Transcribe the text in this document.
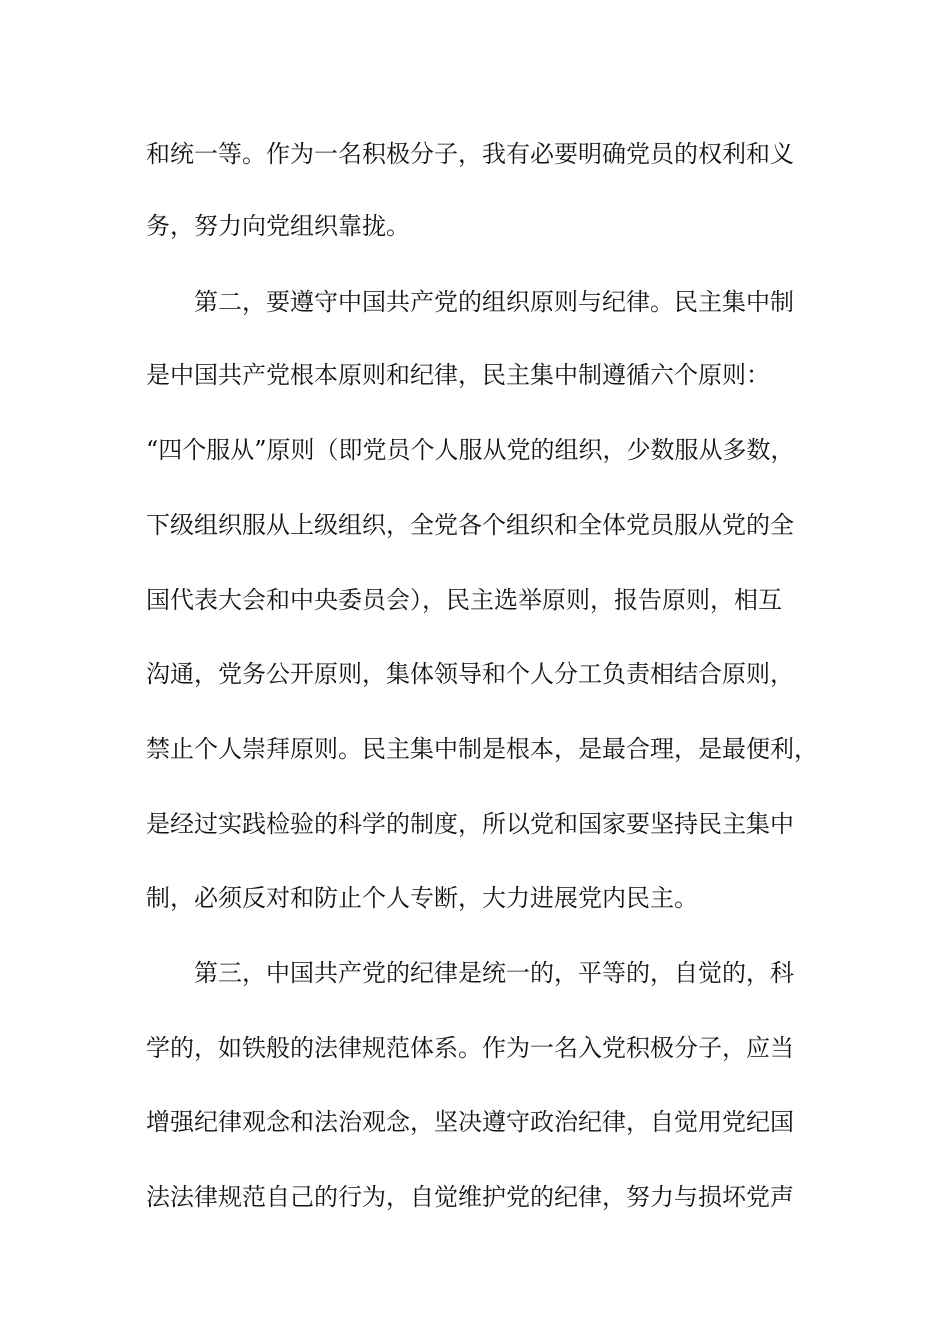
和统一等。作为一名积极分子，我有必要明确党员的权利和义

务，努力向党组织靠拢。

第二，要遵守中国共产党的组织原则与纪律。民主集中制

是中国共产党根本原则和纪律，民主集中制遵循六个原则：

“四个服从”原则（即党员个人服从党的组织，少数服从多数，

下级组织服从上级组织，全党各个组织和全体党员服从党的全

国代表大会和中央委员会），民主选举原则，报告原则，相互

沟通，党务公开原则，集体领导和个人分工负责相结合原则，

禁止个人崇拜原则。民主集中制是根本，是最合理，是最便利，

是经过实践检验的科学的制度，所以党和国家要坚持民主集中

制，必须反对和防止个人专断，大力进展党内民主。

第三，中国共产党的纪律是统一的，平等的，自觉的，科

学的，如铁般的法律规范体系。作为一名入党积极分子，应当

增强纪律观念和法治观念，坚决遵守政治纪律，自觉用党纪国

法法律规范自己的行为，自觉维护党的纪律，努力与损坏党声
